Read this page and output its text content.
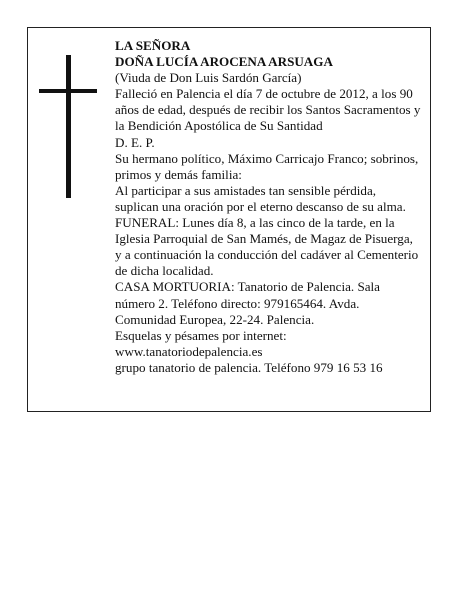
LA SEÑORA

DOÑA LUCÍA AROCENA ARSUAGA

(Viuda de Don Luis Sardón García)

Falleció en Palencia el día 7 de octubre de 2012, a los 90 años de edad, después de recibir los Santos Sacramentos y la Bendición Apostólica de Su Santidad

D. E. P.

Su hermano político, Máximo Carricajo Franco; sobrinos, primos y demás familia:

Al participar a sus amistades tan sensible pérdida, suplican una oración por el eterno descanso de su alma.

FUNERAL: Lunes día 8, a las cinco de la tarde, en la Iglesia Parroquial de San Mamés, de Magaz de Pisuerga, y a continuación la conducción del cadáver al Cementerio de dicha localidad.

CASA MORTUORIA: Tanatorio de Palencia. Sala número 2. Teléfono directo: 979165464. Avda. Comunidad Europea, 22-24. Palencia.

Esquelas y pésames por internet:

www.tanatoriodepalencia.es

grupo tanatorio de palencia. Teléfono 979 16 53 16
